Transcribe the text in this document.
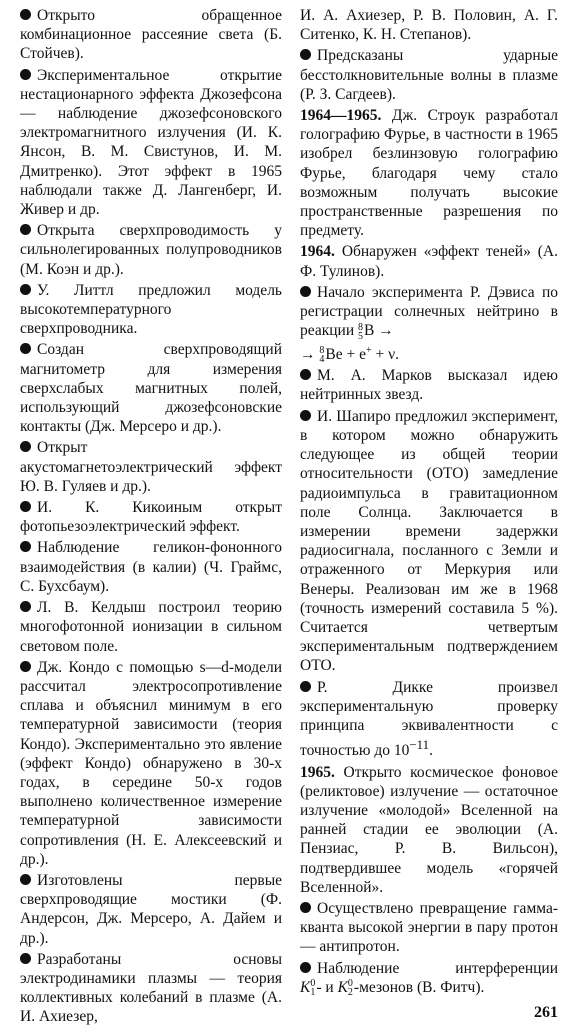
Открыто обращенное комбинационное рассеяние света (Б. Стойчев).

Экспериментальное открытие нестационарного эффекта Джозефсона — наблюдение джозефсоновского электромагнитного излучения (И. К. Янсон, В. М. Свистунов, И. М. Дмитренко). Этот эффект в 1965 наблюдали также Д. Лангенберг, И. Живер и др.

Открыта сверхпроводимость у сильнолегированных полупроводников (М. Коэн и др.).

У. Литтл предложил модель высокотемпературного сверхпроводника.

Создан сверхпроводящий магнитометр для измерения сверхслабых магнитных полей, использующий джозефсоновские контакты (Дж. Мерсеро и др.).

Открыт акустомагнетоэлектрический эффект Ю. В. Гуляев и др.).

И. К. Кикоиным открыт фотопьезоэлектрический эффект.

Наблюдение геликон-фононного взаимодействия (в калии) (Ч. Граймс, С. Бухсбаум).

Л. В. Келдыш построил теорию многофотонной ионизации в сильном световом поле.

Дж. Кондо с помощью s—d-модели рассчитал электросопротивление сплава и объяснил минимум в его температурной зависимости (теория Кондо). Экспериментально это явление (эффект Кондо) обнаружено в 30-х годах, в середине 50-х годов выполнено количественное измерение температурной зависимости сопротивления (Н. Е. Алексеевский и др.).

Изготовлены первые сверхпроводящие мостики (Ф. Андерсон, Дж. Мерсеро, А. Дайем и др.).

Разработаны основы электродинамики плазмы — теория коллективных колебаний в плазме (А. И. Ахиезер,

И. А. Ахиезер, Р. В. Половин, А. Г. Ситенко, К. Н. Степанов).

Предсказаны ударные бесстолкновительные волны в плазме (Р. З. Сагдеев).

1964—1965. Дж. Строук разработал голографию Фурье, в частности в 1965 изобрел безлинзовую голографию Фурье, благодаря чему стало возможным получать высокие пространственные разрешения по предмету.

1964. Обнаружен «эффект теней» (А. Ф. Тулинов).

Начало эксперимента Р. Дэвиса по регистрации солнечных нейтрино в реакции 8
5 B →
→ 8
4 Be + e+ + ν.

М. А. Марков высказал идею нейтринных звезд.

И. Шапиро предложил эксперимент, в котором можно обнаружить следующее из общей теории относительности (ОТО) замедление радиоимпульса в гравитационном поле Солнца. Заключается в измерении времени задержки радиосигнала, посланного с Земли и отраженного от Меркурия или Венеры. Реализован им же в 1968 (точность измерений составила 5 %). Считается четвертым экспериментальным подтверждением ОТО.

Р. Дикке произвел экспериментальную проверку принципа эквивалентности с точностью до $10^{-11}$.

1965. Открыто космическое фоновое (реликтовое) излучение — остаточное излучение «молодой» Вселенной на ранней стадии ее эволюции (А. Пензиас, Р. В. Вильсон), подтвердившее модель «горячей Вселенной».

Осуществлено превращение гамма-кванта высокой энергии в пару протон — антипротон.

Наблюдение интерференции K 0
1 - и K 0
2 -мезонов (В. Фитч).

261
